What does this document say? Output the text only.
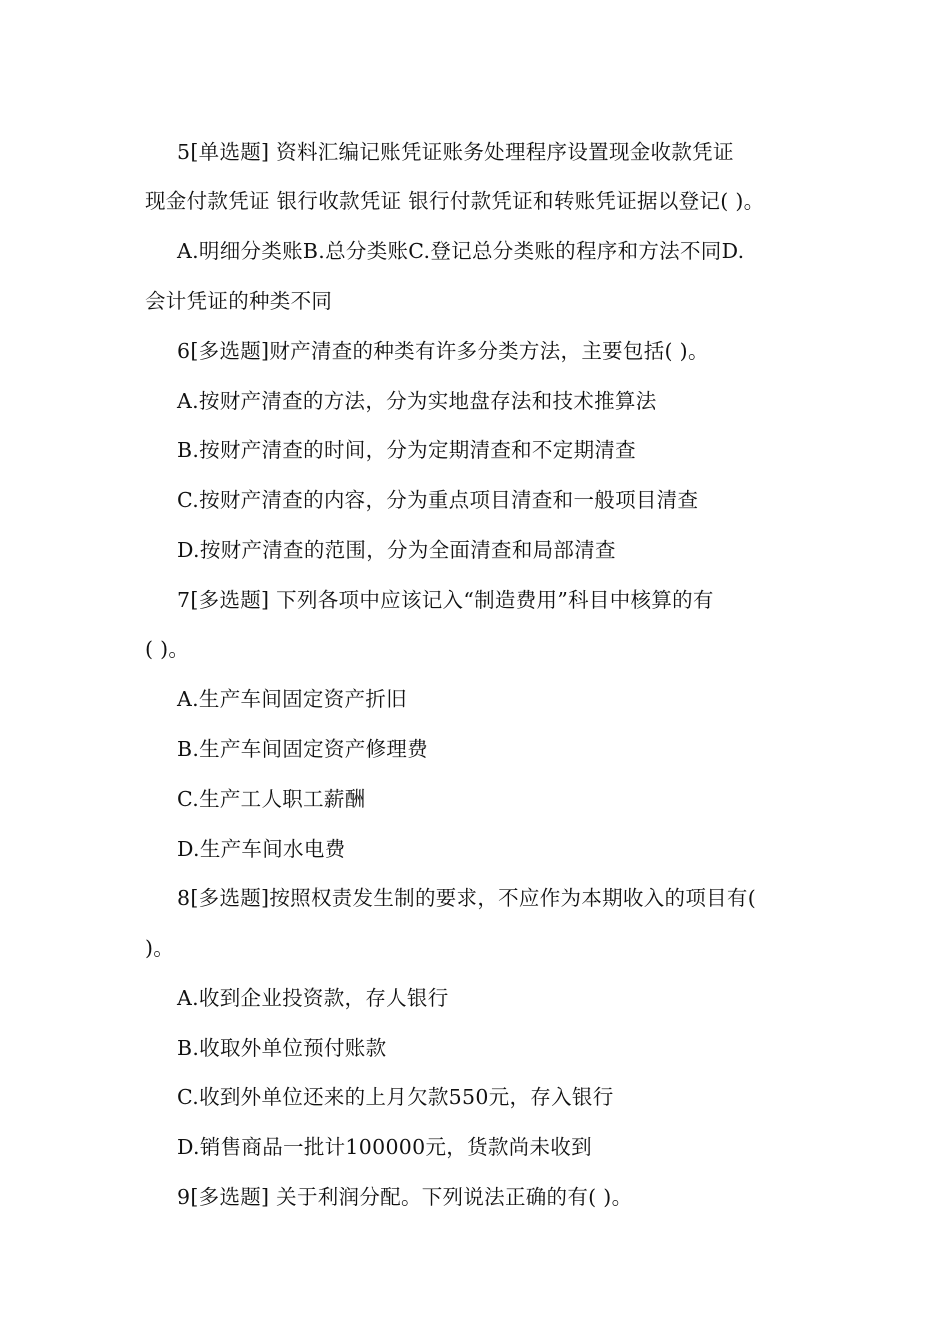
5[单选题] 资料汇编记账凭证账务处理程序设置现金收款凭证
现金付款凭证 银行收款凭证 银行付款凭证和转账凭证据以登记( )。
A.明细分类账B.总分类账C.登记总分类账的程序和方法不同D.
会计凭证的种类不同
6[多选题]财产清查的种类有许多分类方法，主要包括( )。
A.按财产清查的方法，分为实地盘存法和技术推算法
B.按财产清查的时间，分为定期清查和不定期清查
C.按财产清查的内容，分为重点项目清查和一般项目清查
D.按财产清查的范围，分为全面清查和局部清查
7[多选题] 下列各项中应该记入“制造费用”科目中核算的有
( )。
A.生产车间固定资产折旧
B.生产车间固定资产修理费
C.生产工人职工薪酬
D.生产车间水电费
8[多选题]按照权责发生制的要求，不应作为本期收入的项目有(
)。
A.收到企业投资款，存人银行
B.收取外单位预付账款
C.收到外单位还来的上月欠款550元，存入银行
D.销售商品一批计100000元，货款尚未收到
9[多选题] 关于利润分配。下列说法正确的有( )。
